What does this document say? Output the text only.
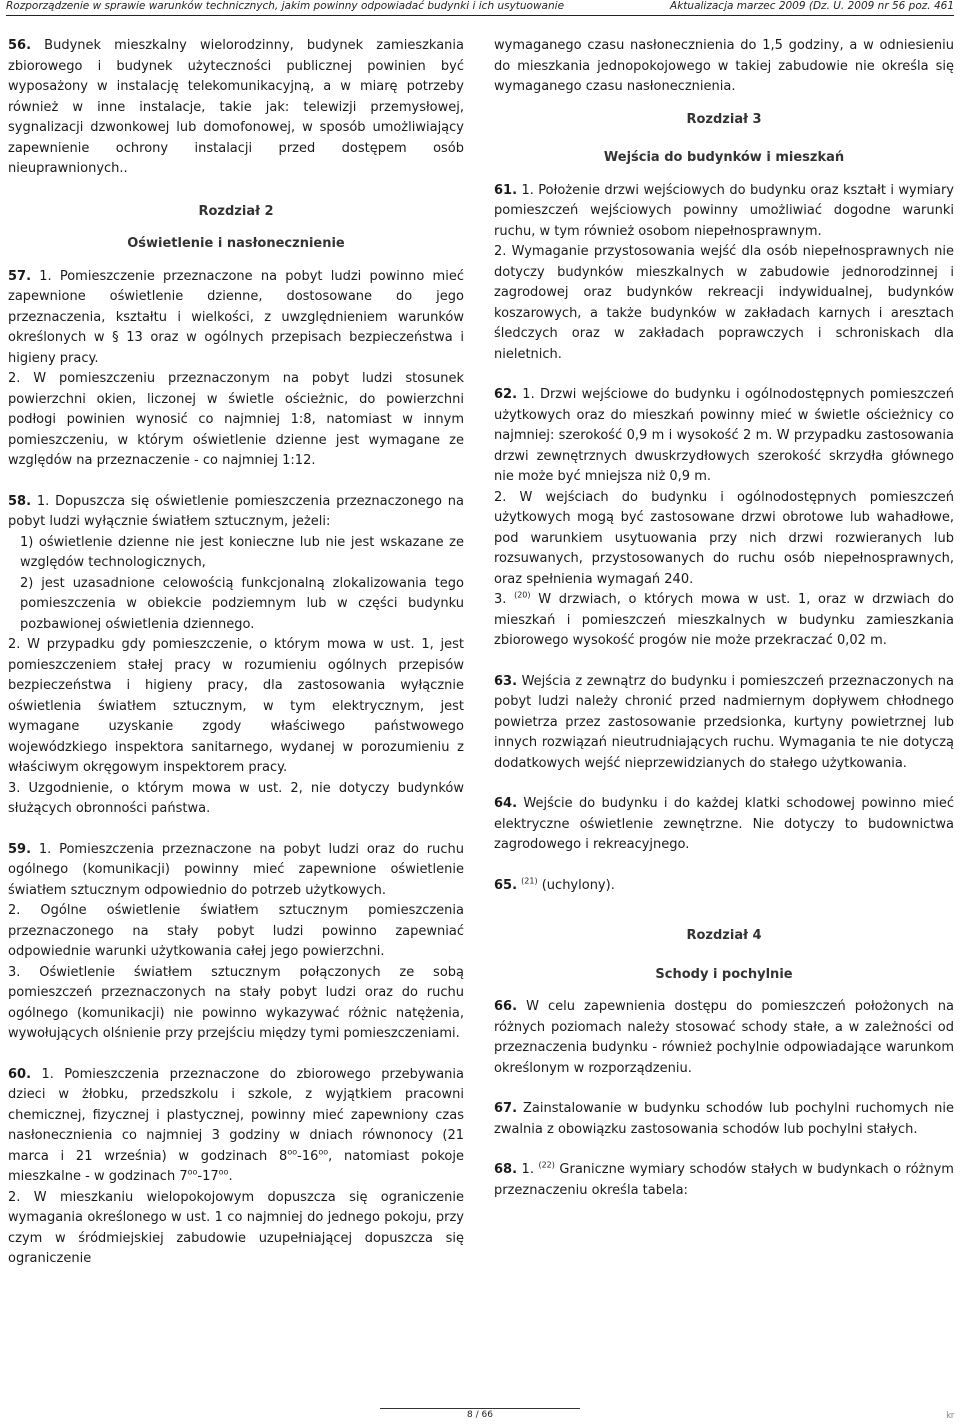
Rozporządzenie w sprawie warunków technicznych, jakim powinny odpowiadać budynki i ich usytuowanie	Aktualizacja marzec 2009 (Dz. U. 2009 nr 56 poz. 461

56. Budynek mieszkalny wielorodzinny, budynek zamieszkania zbiorowego i budynek użyteczności publicznej powinien być wyposażony w instalację telekomunikacyjną, a w miarę potrzeby również w inne instalacje, takie jak: telewizji przemysłowej, sygnalizacji dzwonkowej lub domofonowej, w sposób umożliwiający zapewnienie ochrony instalacji przed dostępem osób nieuprawnionych..

Rozdział 2

Oświetlenie i nasłonecznienie

57. 1. Pomieszczenie przeznaczone na pobyt ludzi powinno mieć zapewnione oświetlenie dzienne, dostosowane do jego przeznaczenia, kształtu i wielkości, z uwzględnieniem warunków określonych w § 13 oraz w ogólnych przepisach bezpieczeństwa i higieny pracy.

2. W pomieszczeniu przeznaczonym na pobyt ludzi stosunek powierzchni okien, liczonej w świetle ościeżnic, do powierzchni podłogi powinien wynosić co najmniej 1:8, natomiast w innym pomieszczeniu, w którym oświetlenie dzienne jest wymagane ze względów na przeznaczenie - co najmniej 1:12.

58. 1. Dopuszcza się oświetlenie pomieszczenia przeznaczonego na pobyt ludzi wyłącznie światłem sztucznym, jeżeli:

1) oświetlenie dzienne nie jest konieczne lub nie jest wskazane ze względów technologicznych,

2) jest uzasadnione celowością funkcjonalną zlokalizowania tego pomieszczenia w obiekcie podziemnym lub w części budynku pozbawionej oświetlenia dziennego.

2. W przypadku gdy pomieszczenie, o którym mowa w ust. 1, jest pomieszczeniem stałej pracy w rozumieniu ogólnych przepisów bezpieczeństwa i higieny pracy, dla zastosowania wyłącznie oświetlenia światłem sztucznym, w tym elektrycznym, jest wymagane uzyskanie zgody właściwego państwowego wojewódzkiego inspektora sanitarnego, wydanej w porozumieniu z właściwym okręgowym inspektorem pracy.

3. Uzgodnienie, o którym mowa w ust. 2, nie dotyczy budynków służących obronności państwa.

59. 1. Pomieszczenia przeznaczone na pobyt ludzi oraz do ruchu ogólnego (komunikacji) powinny mieć zapewnione oświetlenie światłem sztucznym odpowiednio do potrzeb użytkowych.

2. Ogólne oświetlenie światłem sztucznym pomieszczenia przeznaczonego na stały pobyt ludzi powinno zapewniać odpowiednie warunki użytkowania całej jego powierzchni.

3. Oświetlenie światłem sztucznym połączonych ze sobą pomieszczeń przeznaczonych na stały pobyt ludzi oraz do ruchu ogólnego (komunikacji) nie powinno wykazywać różnic natężenia, wywołujących olśnienie przy przejściu między tymi pomieszczeniami.

60. 1. Pomieszczenia przeznaczone do zbiorowego przebywania dzieci w żłobku, przedszkolu i szkole, z wyjątkiem pracowni chemicznej, fizycznej i plastycznej, powinny mieć zapewniony czas nasłonecznienia co najmniej 3 godziny w dniach równonocy (21 marca i 21 września) w godzinach $8^{oo}-16^{oo}$, natomiast pokoje mieszkalne - w godzinach $7^{oo}-17^{oo}$.

2. W mieszkaniu wielopokojowym dopuszcza się ograniczenie wymagania określonego w ust. 1 co najmniej do jednego pokoju, przy czym w śródmiejskiej zabudowie uzupełniającej dopuszcza się ograniczenie

wymaganego czasu nasłonecznienia do 1,5 godziny, a w odniesieniu do mieszkania jednopokojowego w takiej zabudowie nie określa się wymaganego czasu nasłonecznienia.

Rozdział 3

Wejścia do budynków i mieszkań

61. 1. Położenie drzwi wejściowych do budynku oraz kształt i wymiary pomieszczeń wejściowych powinny umożliwiać dogodne warunki ruchu, w tym również osobom niepełnosprawnym.

2. Wymaganie przystosowania wejść dla osób niepełnosprawnych nie dotyczy budynków mieszkalnych w zabudowie jednorodzinnej i zagrodowej oraz budynków rekreacji indywidualnej, budynków koszarowych, a także budynków w zakładach karnych i aresztach śledczych oraz w zakładach poprawczych i schroniskach dla nieletnich.

62. 1. Drzwi wejściowe do budynku i ogólnodostępnych pomieszczeń użytkowych oraz do mieszkań powinny mieć w świetle ościeżnicy co najmniej: szerokość 0,9 m i wysokość 2 m. W przypadku zastosowania drzwi zewnętrznych dwuskrzydłowych szerokość skrzydła głównego nie może być mniejsza niż 0,9 m.

2. W wejściach do budynku i ogólnodostępnych pomieszczeń użytkowych mogą być zastosowane drzwi obrotowe lub wahadłowe, pod warunkiem usytuowania przy nich drzwi rozwieranych lub rozsuwanych, przystosowanych do ruchu osób niepełnosprawnych, oraz spełnienia wymagań 240.

3. $^{(20)}$ W drzwiach, o których mowa w ust. 1, oraz w drzwiach do mieszkań i pomieszczeń mieszkalnych w budynku zamieszkania zbiorowego wysokość progów nie może przekraczać 0,02 m.

63. Wejścia z zewnątrz do budynku i pomieszczeń przeznaczonych na pobyt ludzi należy chronić przed nadmiernym dopływem chłodnego powietrza przez zastosowanie przedsionka, kurtyny powietrznej lub innych rozwiązań nieutrudniających ruchu. Wymagania te nie dotyczą dodatkowych wejść nieprzewidzianych do stałego użytkowania.

64. Wejście do budynku i do każdej klatki schodowej powinno mieć elektryczne oświetlenie zewnętrzne. Nie dotyczy to budownictwa zagrodowego i rekreacyjnego.

65. $^{(21)}$ (uchylony).

Rozdział 4

Schody i pochylnie

66. W celu zapewnienia dostępu do pomieszczeń położonych na różnych poziomach należy stosować schody stałe, a w zależności od przeznaczenia budynku - również pochylnie odpowiadające warunkom określonym w rozporządzeniu.

67. Zainstalowanie w budynku schodów lub pochylni ruchomych nie zwalnia z obowiązku zastosowania schodów lub pochylni stałych.

68. 1. $^{(22)}$ Graniczne wymiary schodów stałych w budynkach o różnym przeznaczeniu określa tabela:

8 / 66	kr
